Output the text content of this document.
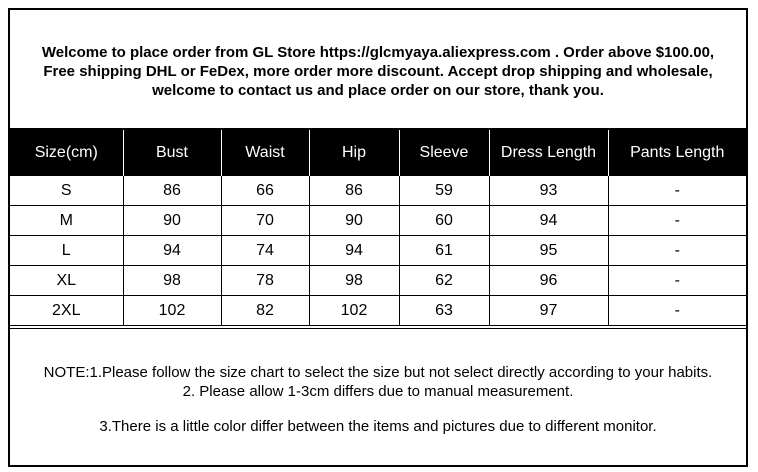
Welcome to place order from GL Store https://glcmyaya.aliexpress.com . Order above $100.00,
Free shipping DHL or FeDex, more order more discount. Accept drop shipping and wholesale,
welcome to contact us and place order on our store, thank you.
Size(cm)	Bust	Waist	Hip	Sleeve	Dress Length	Pants Length
S	86	66	86	59	93	-
M	90	70	90	60	94	-
L	94	74	94	61	95	-
XL	98	78	98	62	96	-
2XL	102	82	102	63	97	-
NOTE:1.Please follow the size chart to select the size but not select directly according to your habits.
2. Please allow 1-3cm differs due to manual measurement.
3.There is a little color differ between the items and pictures due to different monitor.
